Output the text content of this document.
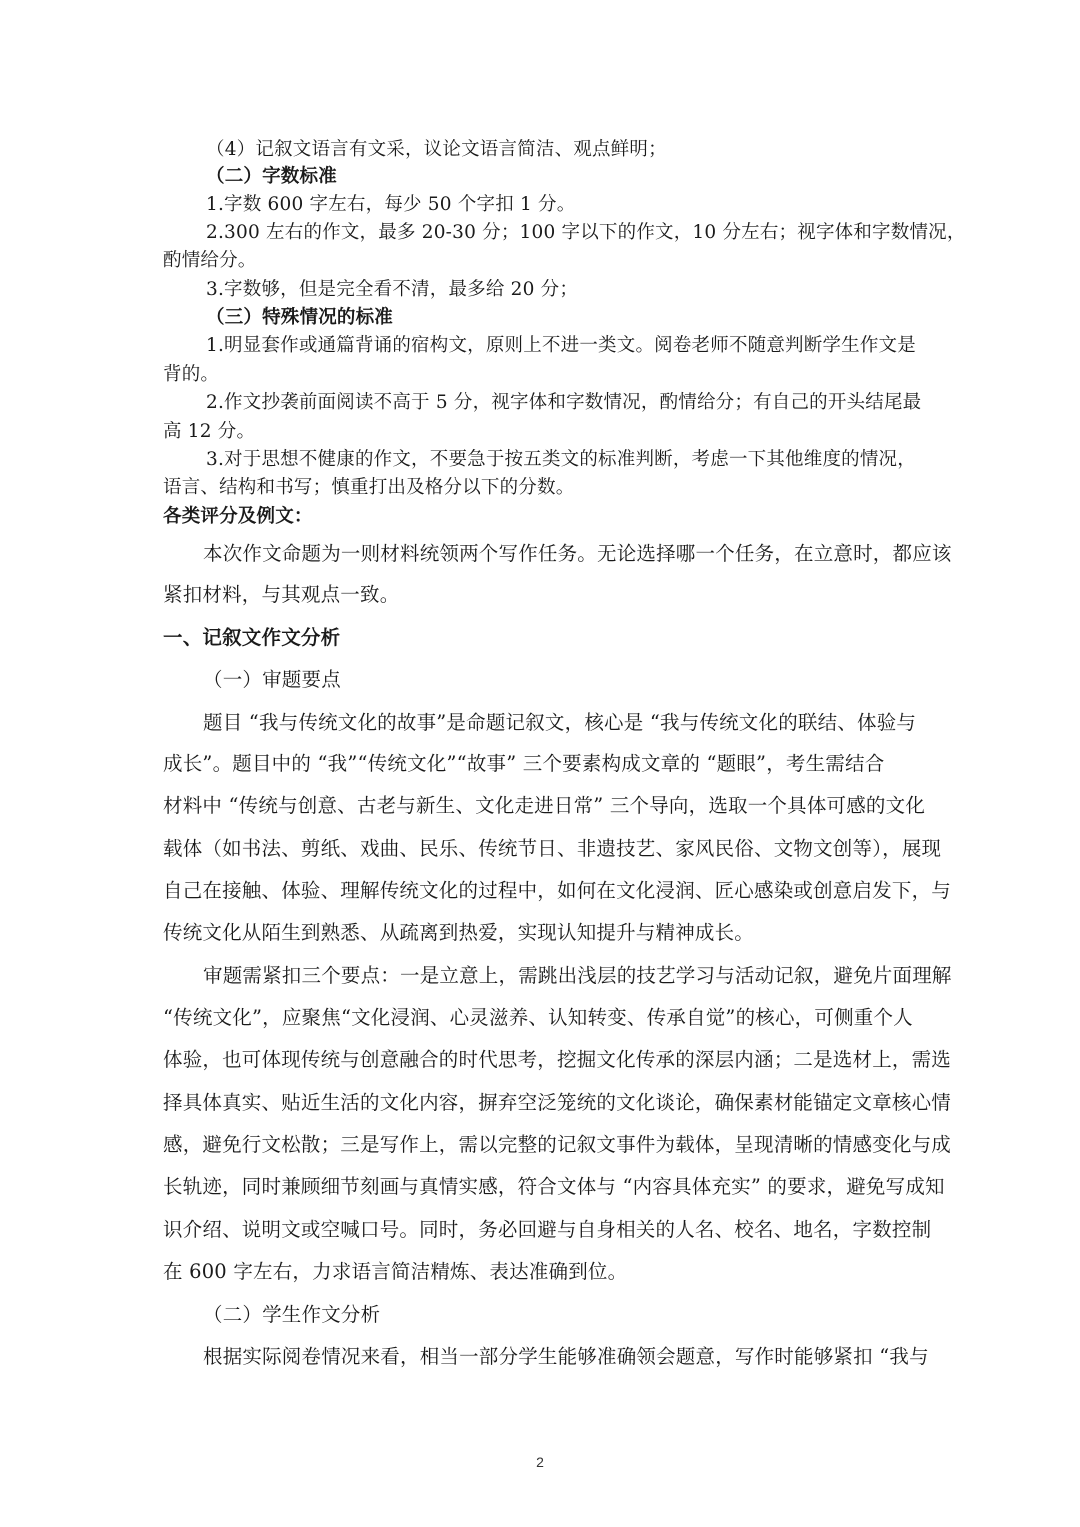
（4）记叙文语言有文采，议论文语言简洁、观点鲜明；
（二）字数标准
1.字数 600 字左右，每少 50 个字扣 1 分。
2.300 左右的作文，最多 20-30 分；100 字以下的作文，10 分左右；视字体和字数情况，
酌情给分。
3.字数够，但是完全看不清，最多给 20 分；
（三）特殊情况的标准
1.明显套作或通篇背诵的宿构文，原则上不进一类文。阅卷老师不随意判断学生作文是
背的。
2.作文抄袭前面阅读不高于 5 分，视字体和字数情况，酌情给分；有自己的开头结尾最
高 12 分。
3.对于思想不健康的作文，不要急于按五类文的标准判断，考虑一下其他维度的情况，
语言、结构和书写；慎重打出及格分以下的分数。
各类评分及例文：
本次作文命题为一则材料统领两个写作任务。无论选择哪一个任务，在立意时，都应该
紧扣材料，与其观点一致。
一、记叙文作文分析
（一）审题要点
题目 “我与传统文化的故事”是命题记叙文，核心是 “我与传统文化的联结、体验与
成长”。题目中的 “我”“传统文化”“故事” 三个要素构成文章的 “题眼”，考生需结合
材料中 “传统与创意、古老与新生、文化走进日常” 三个导向，选取一个具体可感的文化
载体（如书法、剪纸、戏曲、民乐、传统节日、非遗技艺、家风民俗、文物文创等），展现
自己在接触、体验、理解传统文化的过程中，如何在文化浸润、匠心感染或创意启发下，与
传统文化从陌生到熟悉、从疏离到热爱，实现认知提升与精神成长。
审题需紧扣三个要点：一是立意上，需跳出浅层的技艺学习与活动记叙，避免片面理解
“传统文化”，应聚焦“文化浸润、心灵滋养、认知转变、传承自觉”的核心，可侧重个人
体验，也可体现传统与创意融合的时代思考，挖掘文化传承的深层内涵；二是选材上，需选
择具体真实、贴近生活的文化内容，摒弃空泛笼统的文化谈论，确保素材能锚定文章核心情
感，避免行文松散；三是写作上，需以完整的记叙文事件为载体，呈现清晰的情感变化与成
长轨迹，同时兼顾细节刻画与真情实感，符合文体与 “内容具体充实” 的要求，避免写成知
识介绍、说明文或空喊口号。同时，务必回避与自身相关的人名、校名、地名，字数控制
在 600 字左右，力求语言简洁精炼、表达准确到位。
（二）学生作文分析
根据实际阅卷情况来看，相当一部分学生能够准确领会题意，写作时能够紧扣 “我与
2
